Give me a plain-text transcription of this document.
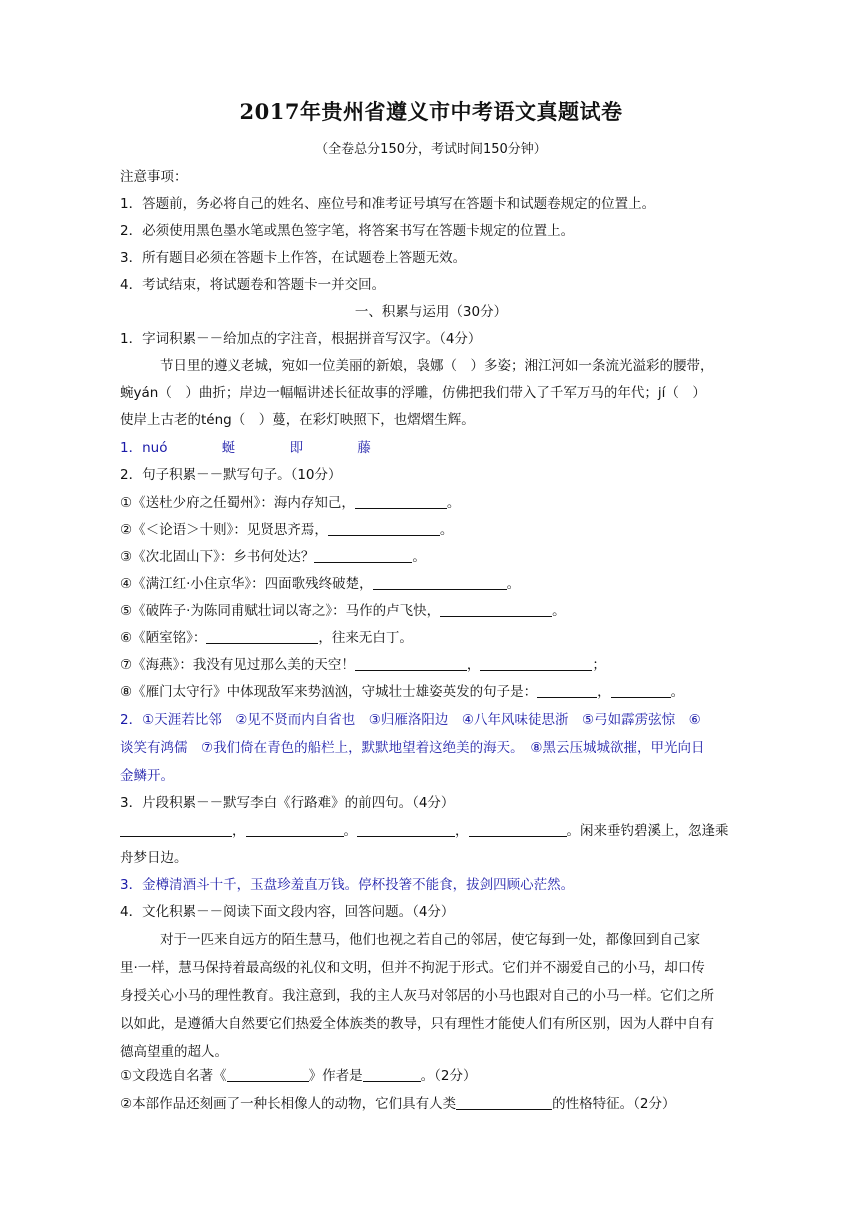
2017年贵州省遵义市中考语文真题试卷
（全卷总分150分，考试时间150分钟）
注意事项：
1．答题前，务必将自己的姓名、座位号和准考证号填写在答题卡和试题卷规定的位置上。
2．必须使用黑色墨水笔或黑色签字笔，将答案书写在答题卡规定的位置上。
3．所有题目必须在答题卡上作答，在试题卷上答题无效。
4．考试结束，将试题卷和答题卡一并交回。
一、积累与运用（30分）
1．字词积累－－给加点的字注音，根据拼音写汉字。（4分）
节日里的遵义老城，宛如一位美丽的新娘，袅娜（　）多姿；湘江河如一条流光溢彩的腰带，
蜿yán（　）曲折；岸边一幅幅讲述长征故事的浮雕，仿佛把我们带入了千军万马的年代；jí（　）
使岸上古老的téng（　）蔓，在彩灯映照下，也熠熠生辉。
1．nuó	蜒	即	藤
2．句子积累－－默写句子。（10分）
①《送杜少府之任蜀州》：海内存知己，	。
②《＜论语＞十则》：见贤思齐焉，	。
③《次北固山下》：乡书何处达？	。
④《满江红·小住京华》：四面歌残终破楚，	。
⑤《破阵子·为陈同甫赋壮词以寄之》：马作的卢飞快，	。
⑥《陋室铭》：	，往来无白丁。
⑦《海燕》：我没有见过那么美的天空！	，	；
⑧《雁门太守行》中体现敌军来势汹汹，守城壮士雄姿英发的句子是：	，	。
2．①天涯若比邻　②见不贤而内自省也　③归雁洛阳边　④八年风味徒思浙　⑤弓如霹雳弦惊　⑥
谈笑有鸿儒　⑦我们倚在青色的船栏上，默默地望着这绝美的海天。　⑧黑云压城城欲摧，甲光向日
金鳞开。
3．片段积累－－默写李白《行路难》的前四句。（4分）
，	。	，	。闲来垂钓碧溪上，忽逢乘
舟梦日边。
3．金樽清酒斗十千，玉盘珍羞直万钱。停杯投箸不能食，拔剑四顾心茫然。
4．文化积累－－阅读下面文段内容，回答问题。（4分）
对于一匹来自远方的陌生慧马，他们也视之若自己的邻居，使它每到一处，都像回到自己家
里·一样，慧马保持着最高级的礼仪和文明，但并不拘泥于形式。它们并不溺爱自己的小马，却口传
身授关心小马的理性教育。我注意到，我的主人灰马对邻居的小马也跟对自己的小马一样。它们之所
以如此，是遵循大自然要它们热爱全体族类的教导，只有理性才能使人们有所区别，因为人群中自有
德高望重的超人。
①文段选自名著《	》作者是	。（2分）
②本部作品还刻画了一种长相像人的动物，它们具有人类	的性格特征。（2分）
